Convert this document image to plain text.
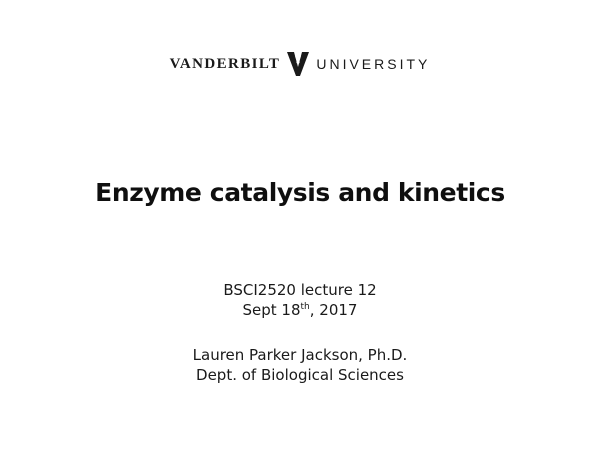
VANDERBILT	UNIVERSITY
Enzyme catalysis and kinetics
BSCI2520 lecture 12
Sept 18th, 2017
Lauren Parker Jackson, Ph.D.
Dept. of Biological Sciences
